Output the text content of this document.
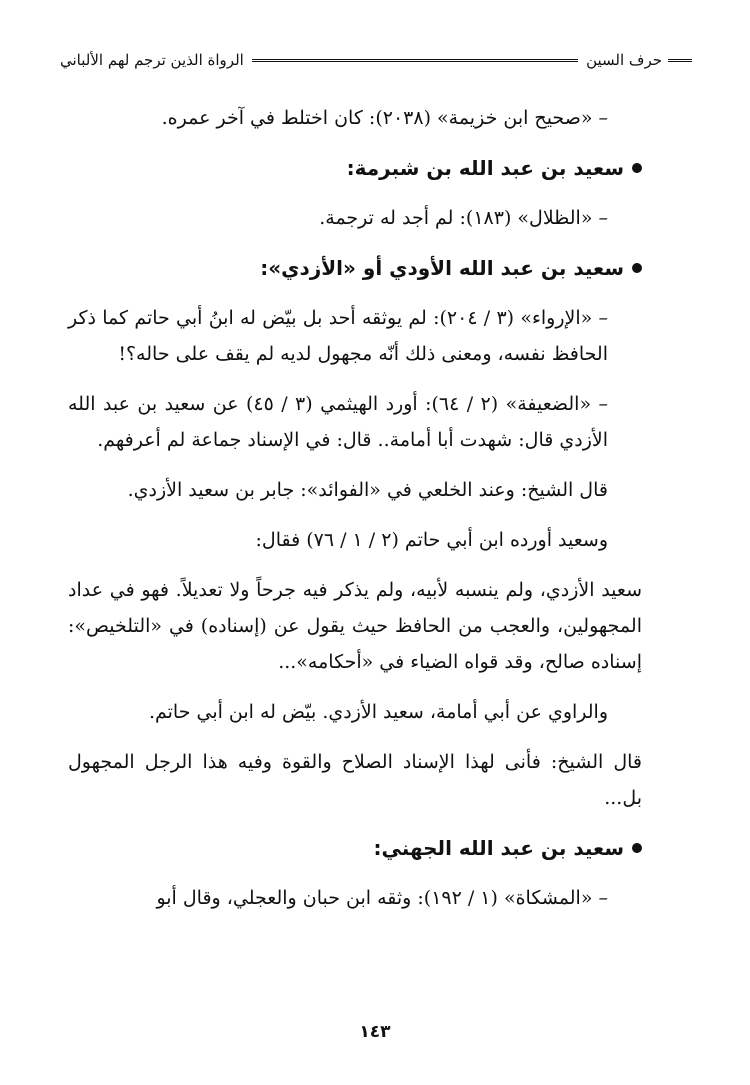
حرف السين
الرواة الذين ترجم لهم الألباني

– «صحيح ابن خزيمة» (٢٠٣٨): كان اختلط في آخر عمره.

سعيد بن عبد الله بن شبرمة:

– «الظلال» (١٨٣): لم أجد له ترجمة.

سعيد بن عبد الله الأودي أو «الأزدي»:

– «الإرواء» (٣ / ٢٠٤): لم يوثقه أحد بل بيّض له ابنُ أبي حاتم كما ذكر الحافظ نفسه، ومعنى ذلك أنّه مجهول لديه لم يقف على حاله؟!

– «الضعيفة» (٢ / ٦٤): أورد الهيثمي (٣ / ٤٥) عن سعيد بن عبد الله الأزدي قال: شهدت أبا أمامة.. قال: في الإسناد جماعة لم أعرفهم.

قال الشيخ: وعند الخلعي في «الفوائد»: جابر بن سعيد الأزدي.

وسعيد أورده ابن أبي حاتم (٢ / ١ / ٧٦) فقال:

سعيد الأزدي، ولم ينسبه لأبيه، ولم يذكر فيه جرحاً ولا تعديلاً. فهو في عداد المجهولين، والعجب من الحافظ حيث يقول عن (إسناده) في «التلخيص»: إسناده صالح، وقد قواه الضياء في «أحكامه»...

والراوي عن أبي أمامة، سعيد الأزدي. بيّض له ابن أبي حاتم.

قال الشيخ: فأنى لهذا الإسناد الصلاح والقوة وفيه هذا الرجل المجهول بل...

سعيد بن عبد الله الجهني:

– «المشكاة» (١ / ١٩٢): وثقه ابن حبان والعجلي، وقال أبو

١٤٣
